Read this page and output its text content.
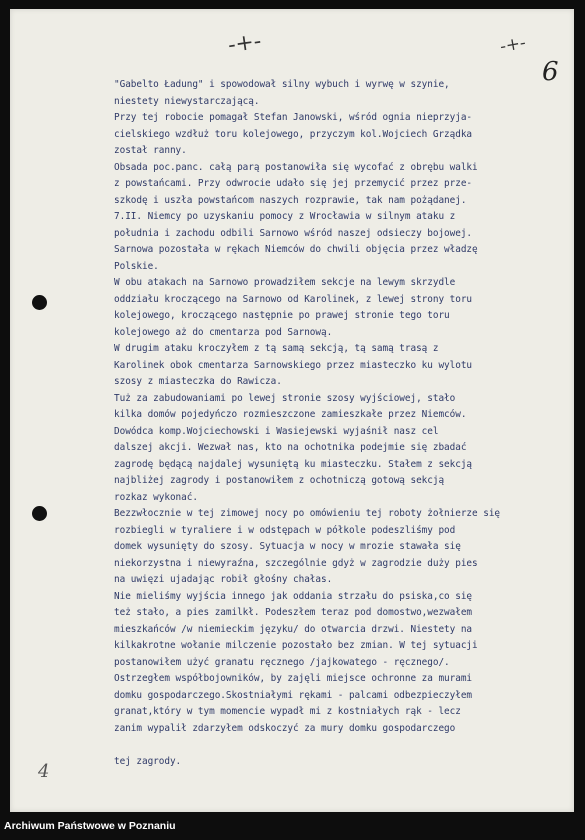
-+-	-+-
6
4
"Gabelto Ładung" i spowodował silny wybuch i wyrwę w szynie,
niestety niewystarczającą.
Przy tej robocie pomagał Stefan Janowski, wśród ognia nieprzyja-
cielskiego wzdłuż toru kolejowego, przyczym kol.Wojciech Grządka
został ranny.
Obsada poc.panc. całą parą postanowiła się wycofać z obrębu walki
z powstańcami. Przy odwrocie udało się jej przemycić przez prze-
szkodę i uszła powstańcom naszych rozprawie, tak nam pożądanej.
7.II. Niemcy po uzyskaniu pomocy z Wrocławia w silnym ataku z
południa i zachodu odbili Sarnowo wśród naszej odsieczy bojowej.
Sarnowa pozostała w rękach Niemców do chwili objęcia przez władzę
Polskie.
W obu atakach na Sarnowo prowadziłem sekcje na lewym skrzydle
oddziału kroczącego na Sarnowo od Karolinek, z lewej strony toru
kolejowego, kroczącego następnie po prawej stronie tego toru
kolejowego aż do cmentarza pod Sarnową.
W drugim ataku kroczyłem z tą samą sekcją, tą samą trasą z
Karolinek obok cmentarza Sarnowskiego przez miasteczko ku wylotu
szosy z miasteczka do Rawicza.
Tuż za zabudowaniami po lewej stronie szosy wyjściowej, stało
kilka domów pojedyńczo rozmieszczone zamieszkałe przez Niemców.
Dowódca komp.Wojciechowski i Wasiejewski wyjaśnił nasz cel
dalszej akcji. Wezwał nas, kto na ochotnika podejmie się zbadać
zagrodę będącą najdalej wysuniętą ku miasteczku. Stałem z sekcją
najbliżej zagrody i postanowiłem z ochotniczą gotową sekcją
rozkaz wykonać.
Bezzwłocznie w tej zimowej nocy po omówieniu tej roboty żołnierze się
rozbiegli w tyraliere i w odstępach w półkole podeszliśmy pod
domek wysunięty do szosy. Sytuacja w nocy w mrozie stawała się
niekorzystna i niewyraźna, szczególnie gdyż w zagrodzie duży pies
na uwięzi ujadając robił głośny chałas.
Nie mieliśmy wyjścia innego jak oddania strzału do psiska,co się
też stało, a pies zamilkł. Podeszłem teraz pod domostwo,wezwałem
mieszkańców /w niemieckim języku/ do otwarcia drzwi. Niestety na
kilkakrotne wołanie milczenie pozostało bez zmian. W tej sytuacji
postanowiłem użyć granatu ręcznego /jajkowatego - ręcznego/.
Ostrzegłem współbojowników, by zajęli miejsce ochronne za murami
domku gospodarczego.Skostniałymi rękami - palcami odbezpieczyłem
granat,który w tym momencie wypadł mi z kostniałych rąk - lecz
zanim wypalił zdarzyłem odskoczyć za mury domku gospodarczego
tej zagrody.
Archiwum Państwowe w Poznaniu
